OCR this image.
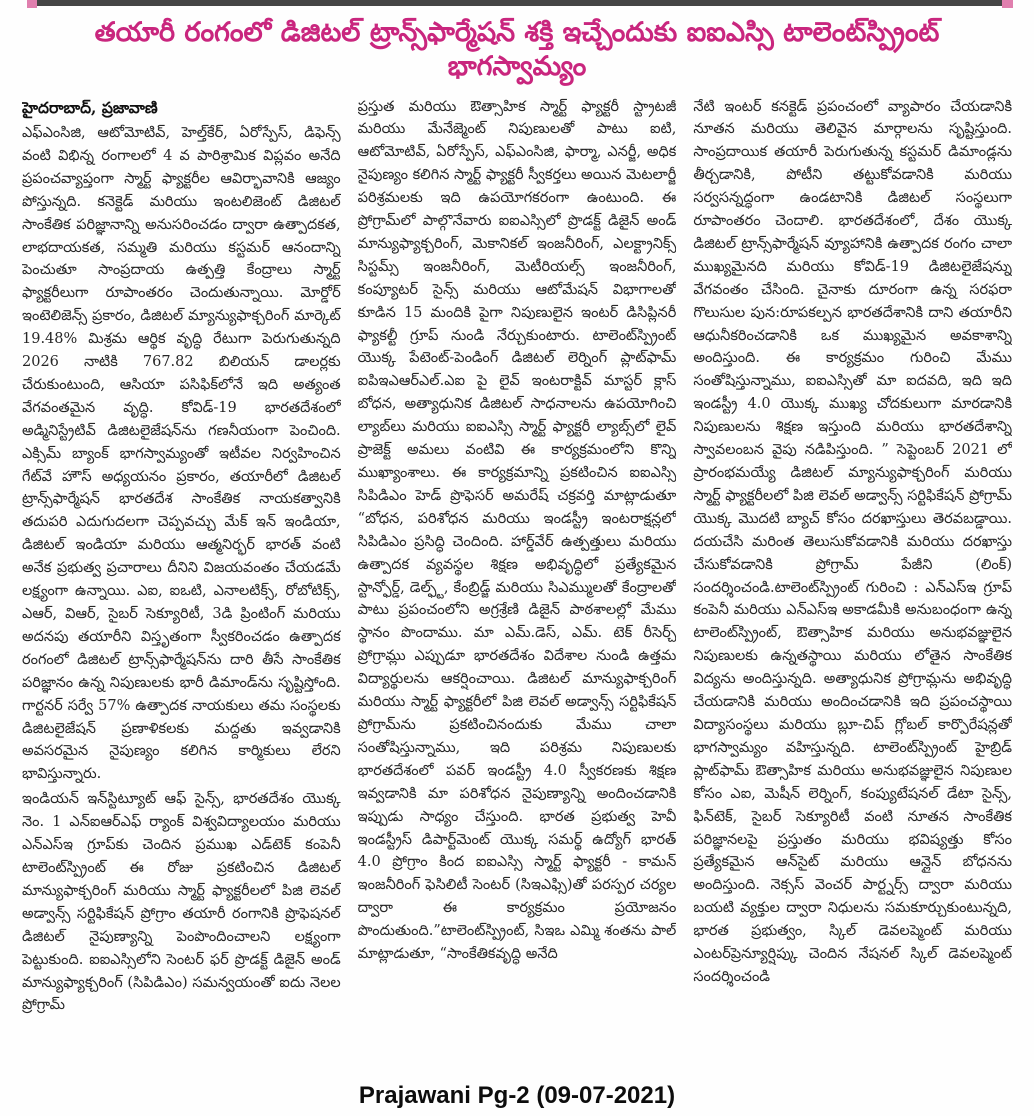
తయారీ రంగంలో డిజిటల్ ట్రాన్స్‌ఫార్మేషన్ శక్తి ఇచ్చేందుకు ఐఐఎస్సి టాలెంట్‌స్ప్రింట్ భాగస్వామ్యం

హైదరాబాద్, ప్రజావాణి

ఎఫ్ఎంసిజి, ఆటోమోటివ్, హెల్త్‌కేర్, ఏరోస్పేస్, డిఫెన్స్ వంటి విభిన్న రంగాలలో 4 వ పారిశ్రామిక విప్లవం అనేది ప్రపంచవ్యాప్తంగా స్మార్ట్ ఫ్యాక్టరీల ఆవిర్భావానికి ఆజ్యం పోస్తున్నది. కనెక్టెడ్ మరియు ఇంటలిజెంట్ డిజిటల్ సాంకేతిక పరిజ్ఞానాన్ని అనుసరించడం ద్వారా ఉత్పాదకత, లాభదాయకత, సమ్మతి మరియు కస్టమర్ ఆనందాన్ని పెంచుతూ సాంప్రదాయ ఉత్పత్తి కేంద్రాలు స్మార్ట్ ఫ్యాక్టరీలుగా రూపాంతరం చెందుతున్నాయి. మోర్డోర్ ఇంటెలిజెన్స్ ప్రకారం, డిజిటల్ మ్యాన్యుఫాక్చరింగ్ మార్కెట్ 19.48% మిశ్రమ ఆర్థిక వృద్ధి రేటుగా పెరుగుతున్నది 2026 నాటికి 767.82 బిలియన్ డాలర్లకు చేరుకుంటుంది, ఆసియా పసిఫిక్‌లోనే ఇది అత్యంత వేగవంతమైన వృద్ధి. కోవిడ్-19 భారతదేశంలో అడ్మినిస్ట్రేటివ్ డిజిటలైజేషన్‌ను గణనీయంగా పెంచింది. ఎక్సిమ్ బ్యాంక్ భాగస్వామ్యంతో ఇటీవల నిర్వహించిన గేట్‌వే హౌస్ అధ్యయనం ప్రకారం, తయారీలో డిజిటల్ ట్రాన్స్‌ఫార్మేషన్ భారతదేశ సాంకేతిక నాయకత్వానికి తదుపరి ఎదుగుదలగా చెప్పవచ్చు మేక్ ఇన్ ఇండియా, డిజిటల్ ఇండియా మరియు ఆత్మనిర్భర్ భారత్ వంటి అనేక ప్రభుత్వ ప్రచారాలు దీనిని విజయవంతం చేయడమే లక్ష్యంగా ఉన్నాయి. ఎఐ, ఐఒటి, ఎనాలటిక్స్, రోబోటిక్స్, ఎఆర్, విఆర్, సైబర్ సెక్యూరిటీ, 3డి ప్రింటింగ్ మరియు అదనపు తయారీని విస్తృతంగా స్వీకరించడం ఉత్పాదక రంగంలో డిజిటల్ ట్రాన్స్‌ఫార్మేషన్‌ను దారి తీసే సాంకేతిక పరిజ్ఞానం ఉన్న నిపుణులకు భారీ డిమాండ్‌ను సృష్టిస్తోంది. గార్టనర్ సర్వే 57% ఉత్పాదక నాయకులు తమ సంస్థలకు డిజిటలైజేషన్ ప్రణాళికలకు మద్దతు ఇవ్వడానికి అవసరమైన నైపుణ్యం కలిగిన కార్మికులు లేరని భావిస్తున్నారు.

ఇండియన్ ఇన్‌స్టిట్యూట్ ఆఫ్ సైన్స్, భారతదేశం యొక్క నెం. 1 ఎన్ఐఆర్ఎఫ్ ర్యాంక్ విశ్వవిద్యాలయం మరియు ఎన్ఎస్ఇ గ్రూప్‌కు చెందిన ప్రముఖ ఎడ్‌టెక్ కంపెనీ టాలెంట్‌స్ప్రింట్ ఈ రోజు ప్రకటించిన డిజిటల్ మాన్యుఫాక్చరింగ్ మరియు స్మార్ట్ ఫ్యాక్టరీలలో పిజి లెవల్ అడ్వాన్స్ సర్టిఫికేషన్ ప్రోగ్రాం తయారీ రంగానికి ప్రొఫెషనల్ డిజిటల్ నైపుణ్యాన్ని పెంపొందించాలని లక్ష్యంగా పెట్టుకుంది. ఐఐఎస్సిలోని సెంటర్ ఫర్ ప్రొడక్ట్ డిజైన్ అండ్ మాన్యుఫ్యాక్చరింగ్ (సిపిడిఎం) సమన్వయంతో ఐదు నెలల ప్రోగ్రామ్

ప్రస్తుత మరియు ఔత్సాహిక స్మార్ట్ ఫ్యాక్టరీ స్ట్రాటజీ మరియు మేనేజ్మెంట్ నిపుణులతో పాటు ఐటి, ఆటోమోటివ్, ఏరోస్పేస్, ఎఫ్ఎంసిజి, ఫార్మా, ఎనర్జీ, అధిక నైపుణ్యం కలిగిన స్మార్ట్ ఫ్యాక్టరీ స్వీకర్తలు అయిన మెటలార్జీ పరిశ్రమలకు ఇది ఉపయోగకరంగా ఉంటుంది. ఈ ప్రోగ్రామ్‌లో పాల్గొనేవారు ఐఐఎస్సిలో ప్రొడక్ట్ డిజైన్ అండ్ మాన్యుఫ్యాక్చరింగ్, మెకానికల్ ఇంజనీరింగ్, ఎలక్ట్రానిక్స్ సిస్టమ్స్ ఇంజనీరింగ్, మెటీరియల్స్ ఇంజనీరింగ్, కంప్యూటర్ సైన్స్ మరియు ఆటోమేషన్ విభాగాలతో కూడిన 15 మందికి పైగా నిపుణులైన ఇంటర్ డిసిప్లినరీ ఫ్యాకల్టీ గ్రూప్ నుండి నేర్చుకుంటారు. టాలెంట్‌స్ప్రింట్ యొక్క పేటెంట్-పెండింగ్ డిజిటల్ లెర్నింగ్ ప్లాట్‌ఫామ్ ఐపిఇఎఆర్ఎల్.ఎఐ పై లైవ్ ఇంటరాక్టివ్ మాస్టర్ క్లాస్ బోధన, అత్యాధునిక డిజిటల్ సాధనాలను ఉపయోగించి ల్యాబ్‌లు మరియు ఐఐఎస్సి స్మార్ట్ ఫ్యాక్టరీ ల్యాబ్స్‌లో లైవ్ ప్రాజెక్ట్ అమలు వంటివి ఈ కార్యక్రమంలోని కొన్ని ముఖ్యాంశాలు. ఈ కార్యక్రమాన్ని ప్రకటించిన ఐఐఎస్సి సిపిడిఎం హెడ్ ప్రొఫెసర్ అమరేష్ చక్రవర్తి మాట్లాడుతూ “బోధన, పరిశోధన మరియు ఇండస్ట్రీ ఇంటరాక్షన్లలో సిపిడిఎం ప్రసిద్ధి చెందింది. హార్డ్‌వేర్ ఉత్పత్తులు మరియు ఉత్పాదక వ్యవస్థల శిక్షణ అభివృద్ధిలో ప్రత్యేకమైన స్టాన్ఫోర్డ్, డెల్ఫ్ట్, కేంబ్రిడ్జ్ మరియు సిఎమ్ములతో కేంద్రాలతో పాటు ప్రపంచంలోని అగ్రశ్రేణి డిజైన్ పాఠశాలల్లో మేము స్థానం పొందాము. మా ఎమ్.డెస్, ఎమ్. టెక్ రీసెర్చ్ ప్రోగ్రామ్లు ఎప్పుడూ భారతదేశం విదేశాల నుండి ఉత్తమ విద్యార్థులను ఆకర్షించాయి. డిజిటల్ మాన్యుఫాక్చరింగ్ మరియు స్మార్ట్ ఫ్యాక్టరీలో పిజి లెవల్ అడ్వాన్స్ సర్టిఫికేషన్ ప్రోగ్రామ్‌ను ప్రకటించినందుకు మేము చాలా సంతోషిస్తున్నాము, ఇది పరిశ్రమ నిపుణులకు భారతదేశంలో పవర్ ఇండస్ట్రీ 4.0 స్వీకరణకు శిక్షణ ఇవ్వడానికి మా పరిశోధన నైపుణ్యాన్ని అందించడానికి ఇప్పుడు సాధ్యం చేస్తుంది. భారత ప్రభుత్వ హెవీ ఇండస్ట్రీస్ డిపార్ట్‌మెంట్ యొక్క సమర్థ్ ఉద్యోగ్ భారత్ 4.0 ప్రోగ్రాం కింద ఐఐఎస్సి స్మార్ట్ ఫ్యాక్టరీ - కామన్ ఇంజనీరింగ్ ఫెసిలిటీ సెంటర్ (సిఇఎఫ్సి)తో పరస్పర చర్యల ద్వారా ఈ కార్యక్రమం ప్రయోజనం పొందుతుంది.”టాలెంట్‌స్ప్రింట్, సిఇఒ ఎమ్మి శంతను పాల్ మాట్లాడుతూ, “సాంకేతికవృద్ధి అనేది

నేటి ఇంటర్ కనక్టెడ్ ప్రపంచంలో వ్యాపారం చేయడానికి నూతన మరియు తెలివైన మార్గాలను సృష్టిస్తుంది. సాంప్రదాయిక తయారీ పెరుగుతున్న కస్టమర్ డిమాండ్లను తీర్చడానికి, పోటీని తట్టుకోవడానికి మరియు సర్వసన్నద్ధంగా ఉండటానికి డిజిటల్ సంస్థలుగా రూపాంతరం చెందాలి. భారతదేశంలో, దేశం యొక్క డిజిటల్ ట్రాన్స్‌ఫార్మేషన్ వ్యూహానికి ఉత్పాదక రంగం చాలా ముఖ్యమైనది మరియు కోవిడ్-19 డిజిటలైజేషన్ను వేగవంతం చేసింది. చైనాకు దూరంగా ఉన్న సరఫరా గొలుసుల పున:రూపకల్పన భారతదేశానికి దాని తయారీని ఆధునీకరించడానికి ఒక ముఖ్యమైన అవకాశాన్ని అందిస్తుంది. ఈ కార్యక్రమం గురించి మేము సంతోషిస్తున్నాము, ఐఐఎస్సితో మా ఐదవది, ఇది ఇది ఇండస్ట్రీ 4.0 యొక్క ముఖ్య చోదకులుగా మారడానికి నిపుణులను శిక్షణ ఇస్తుంది మరియు భారతదేశాన్ని స్వావలంబన వైపు నడిపిస్తుంది. ” సెప్టెంబర్ 2021 లో ప్రారంభమయ్యే డిజిటల్ మ్యాన్యుఫాక్చరింగ్ మరియు స్మార్ట్ ఫ్యాక్టరీలలో పిజి లెవల్ అడ్వాన్స్ సర్టిఫికేషన్ ప్రోగ్రామ్ యొక్క మొదటి బ్యాచ్ కోసం దరఖాస్తులు తెరవబడ్డాయి. దయచేసి మరింత తెలుసుకోవడానికి మరియు దరఖాస్తు చేసుకోవడానికి ప్రోగ్రామ్ పేజీని (లింక్) సందర్శించండి.టాలెంట్‌స్ప్రింట్ గురించి : ఎన్ఎస్ఇ గ్రూప్ కంపెనీ మరియు ఎన్ఎస్ఇ అకాడమీకి అనుబంధంగా ఉన్న టాలెంట్‌స్ప్రింట్, ఔత్సాహిక మరియు అనుభవజ్ఞులైన నిపుణులకు ఉన్నతస్థాయి మరియు లోతైన సాంకేతిక విద్యను అందిస్తున్నది. అత్యాధునిక ప్రోగ్రామ్లను అభివృద్ధి చేయడానికి మరియు అందించడానికి ఇది ప్రపంచస్థాయి విద్యాసంస్థలు మరియు బ్లూ-చిప్ గ్లోబల్ కార్పొరేషన్లతో భాగస్వామ్యం వహిస్తున్నది. టాలెంట్‌స్ప్రింట్ హైబ్రిడ్ ప్లాట్‌ఫామ్ ఔత్సాహిక మరియు అనుభవజ్ఞులైన నిపుణుల కోసం ఎఐ, మెషీన్ లెర్నింగ్, కంప్యుటేషనల్ డేటా సైన్స్, ఫిన్‌టెక్, సైబర్ సెక్యూరిటీ వంటి నూతన సాంకేతిక పరిజ్ఞానలపై ప్రస్తుతం మరియు భవిష్యత్తు కోసం ప్రత్యేకమైన ఆన్‌సైట్ మరియు ఆన్లైన్ బోధనను అందిస్తుంది. నెక్సస్ వెంచర్ పార్ట్నర్స్ ద్వారా మరియు బయటి వ్యక్తుల ద్వారా నిధులను సమకూర్చుకుంటున్నది, భారత ప్రభుత్వం, స్కిల్ డెవలప్మెంట్ మరియు ఎంటర్‌ప్రెన్యూర్షిప్కు చెందిన నేషనల్ స్కిల్ డెవలప్మెంట్ సందర్శించండి

Prajawani Pg-2 (09-07-2021)
